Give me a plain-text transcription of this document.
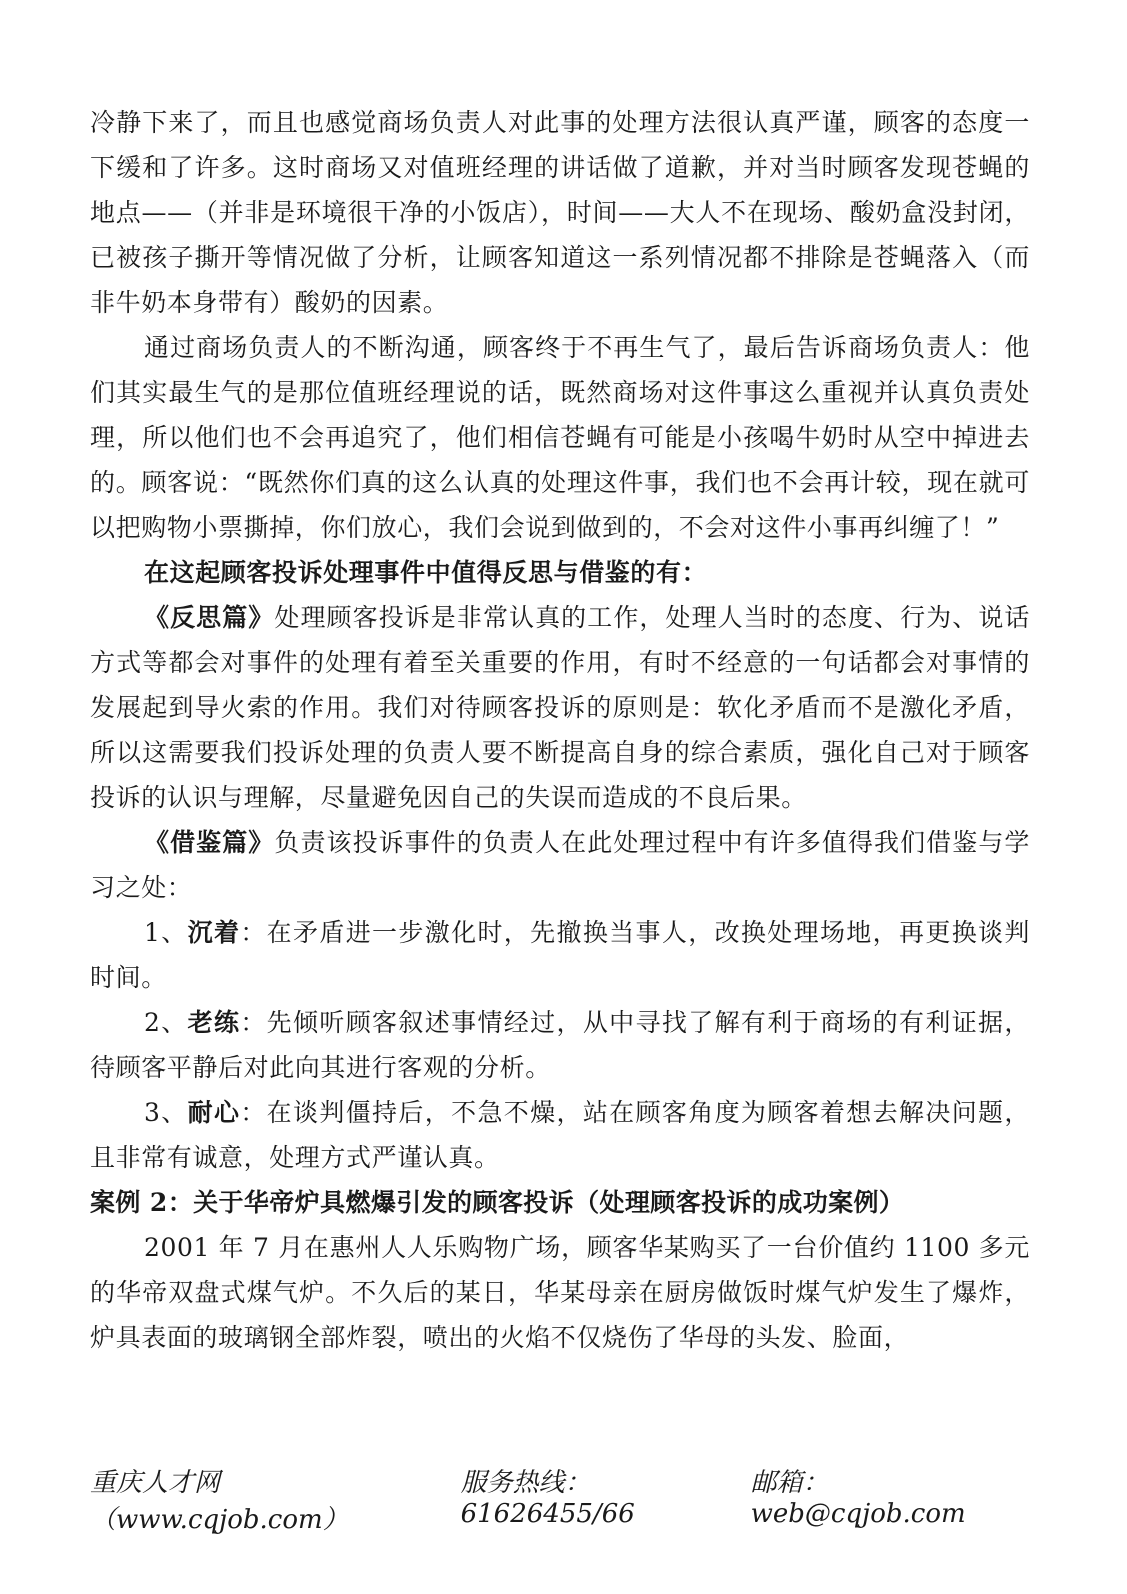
冷静下来了，而且也感觉商场负责人对此事的处理方法很认真严谨，顾客的态度一下缓和了许多。这时商场又对值班经理的讲话做了道歉，并对当时顾客发现苍蝇的地点——（并非是环境很干净的小饭店），时间——大人不在现场、酸奶盒没封闭，已被孩子撕开等情况做了分析，让顾客知道这一系列情况都不排除是苍蝇落入（而非牛奶本身带有）酸奶的因素。

通过商场负责人的不断沟通，顾客终于不再生气了，最后告诉商场负责人：他们其实最生气的是那位值班经理说的话，既然商场对这件事这么重视并认真负责处理，所以他们也不会再追究了，他们相信苍蝇有可能是小孩喝牛奶时从空中掉进去的。顾客说：“既然你们真的这么认真的处理这件事，我们也不会再计较，现在就可以把购物小票撕掉，你们放心，我们会说到做到的，不会对这件小事再纠缠了！”

在这起顾客投诉处理事件中值得反思与借鉴的有：

《反思篇》处理顾客投诉是非常认真的工作，处理人当时的态度、行为、说话方式等都会对事件的处理有着至关重要的作用，有时不经意的一句话都会对事情的发展起到导火索的作用。我们对待顾客投诉的原则是：软化矛盾而不是激化矛盾，所以这需要我们投诉处理的负责人要不断提高自身的综合素质，强化自己对于顾客投诉的认识与理解，尽量避免因自己的失误而造成的不良后果。

《借鉴篇》负责该投诉事件的负责人在此处理过程中有许多值得我们借鉴与学习之处：

1、沉着：在矛盾进一步激化时，先撤换当事人，改换处理场地，再更换谈判时间。

2、老练：先倾听顾客叙述事情经过，从中寻找了解有利于商场的有利证据，待顾客平静后对此向其进行客观的分析。

3、耐心：在谈判僵持后，不急不燥，站在顾客角度为顾客着想去解决问题，且非常有诚意，处理方式严谨认真。

案例 2：关于华帝炉具燃爆引发的顾客投诉（处理顾客投诉的成功案例）

2001 年 7 月在惠州人人乐购物广场，顾客华某购买了一台价值约 1100 多元的华帝双盘式煤气炉。不久后的某日，华某母亲在厨房做饭时煤气炉发生了爆炸，炉具表面的玻璃钢全部炸裂，喷出的火焰不仅烧伤了华母的头发、脸面，

重庆人才网（www.cqjob.com）
服务热线：61626455/66
邮箱：web@cqjob.com
